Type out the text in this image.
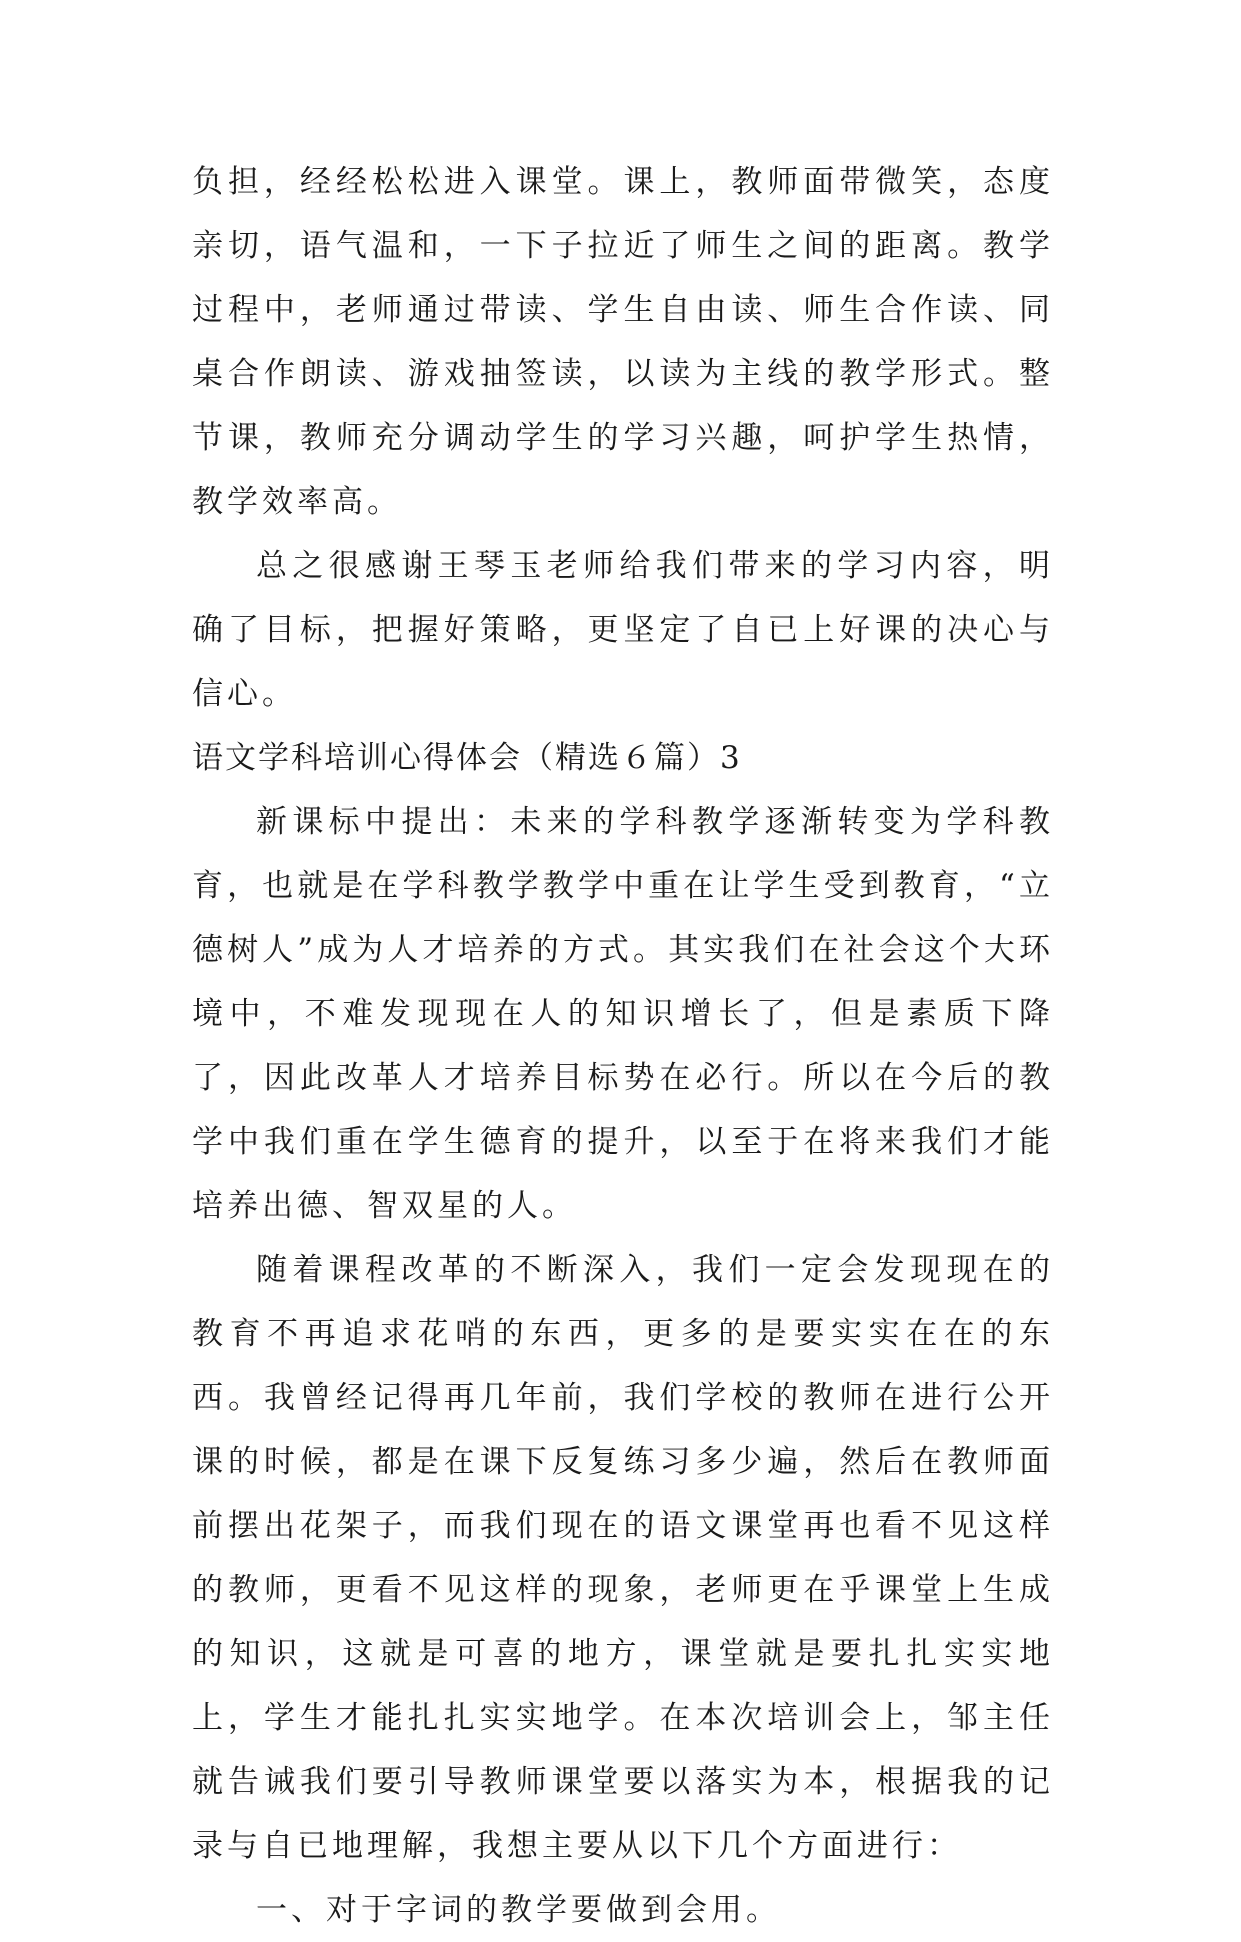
负担，经经松松进入课堂。课上，教师面带微笑，态度亲切，语气温和，一下子拉近了师生之间的距离。教学过程中，老师通过带读、学生自由读、师生合作读、同桌合作朗读、游戏抽签读，以读为主线的教学形式。整节课，教师充分调动学生的学习兴趣，呵护学生热情，教学效率高。

总之很感谢王琴玉老师给我们带来的学习内容，明确了目标，把握好策略，更坚定了自已上好课的决心与信心。

语文学科培训心得体会（精选６篇）3

新课标中提出：未来的学科教学逐渐转变为学科教育，也就是在学科教学教学中重在让学生受到教育，“立德树人”成为人才培养的方式。其实我们在社会这个大环境中，不难发现现在人的知识增长了，但是素质下降了，因此改革人才培养目标势在必行。所以在今后的教学中我们重在学生德育的提升，以至于在将来我们才能培养出德、智双星的人。

随着课程改革的不断深入，我们一定会发现现在的教育不再追求花哨的东西，更多的是要实实在在的东西。我曾经记得再几年前，我们学校的教师在进行公开课的时候，都是在课下反复练习多少遍，然后在教师面前摆出花架子，而我们现在的语文课堂再也看不见这样的教师，更看不见这样的现象，老师更在乎课堂上生成的知识，这就是可喜的地方，课堂就是要扎扎实实地上，学生才能扎扎实实地学。在本次培训会上，邹主任就告诫我们要引导教师课堂要以落实为本，根据我的记录与自已地理解，我想主要从以下几个方面进行：

一、对于字词的教学要做到会用。
